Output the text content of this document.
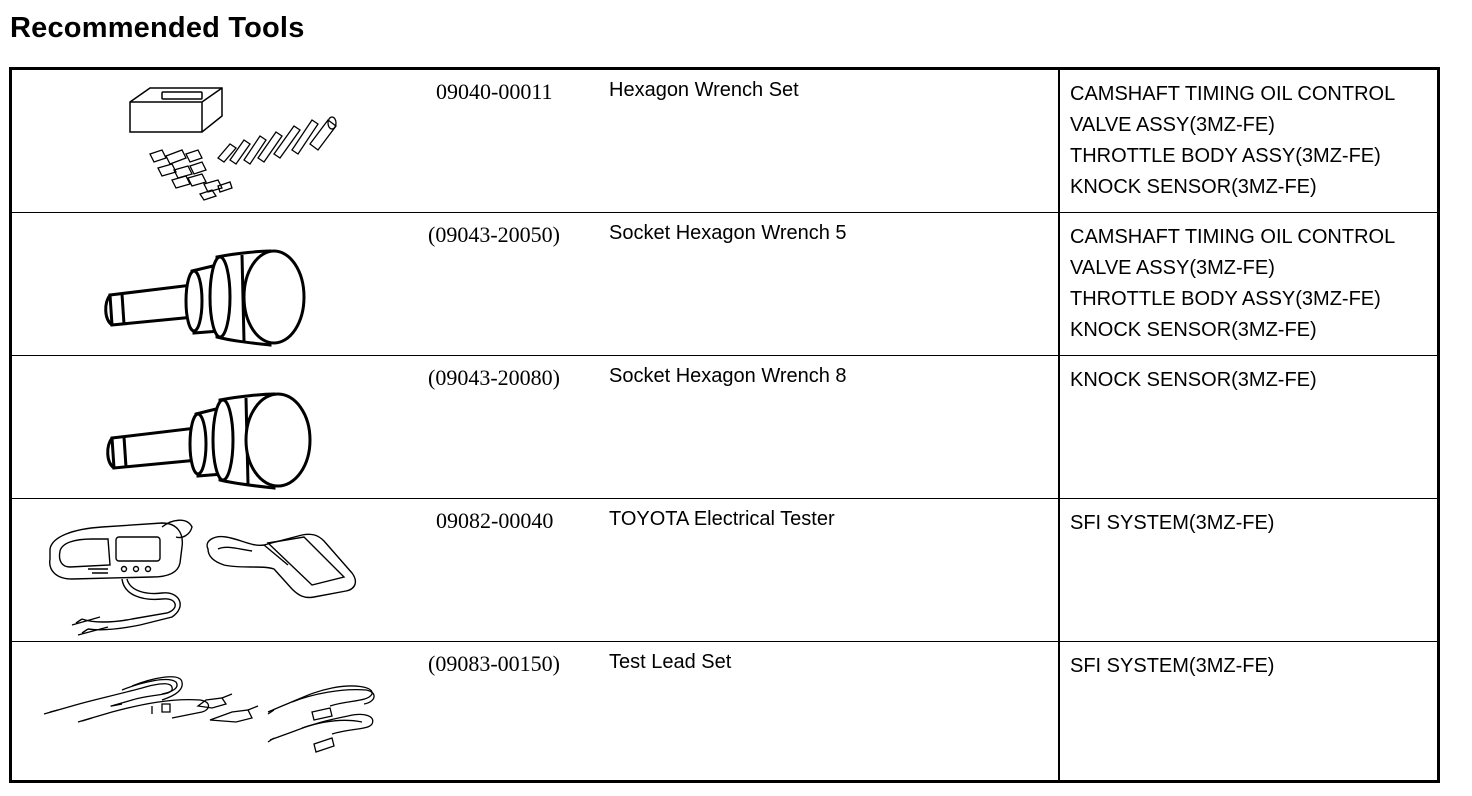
Recommended Tools
09040-00011	Hexagon Wrench Set	CAMSHAFT TIMING OIL CONTROL
VALVE ASSY(3MZ-FE)
THROTTLE BODY ASSY(3MZ-FE)
KNOCK SENSOR(3MZ-FE)
(09043-20050) Socket Hexagon Wrench 5	CAMSHAFT TIMING OIL CONTROL
VALVE ASSY(3MZ-FE)
THROTTLE BODY ASSY(3MZ-FE)
KNOCK SENSOR(3MZ-FE)
(09043-20080) Socket Hexagon Wrench 8	KNOCK SENSOR(3MZ-FE)
09082-00040	TOYOTA Electrical Tester	SFI SYSTEM(3MZ-FE)
(09083-00150) Test Lead Set	SFI SYSTEM(3MZ-FE)
